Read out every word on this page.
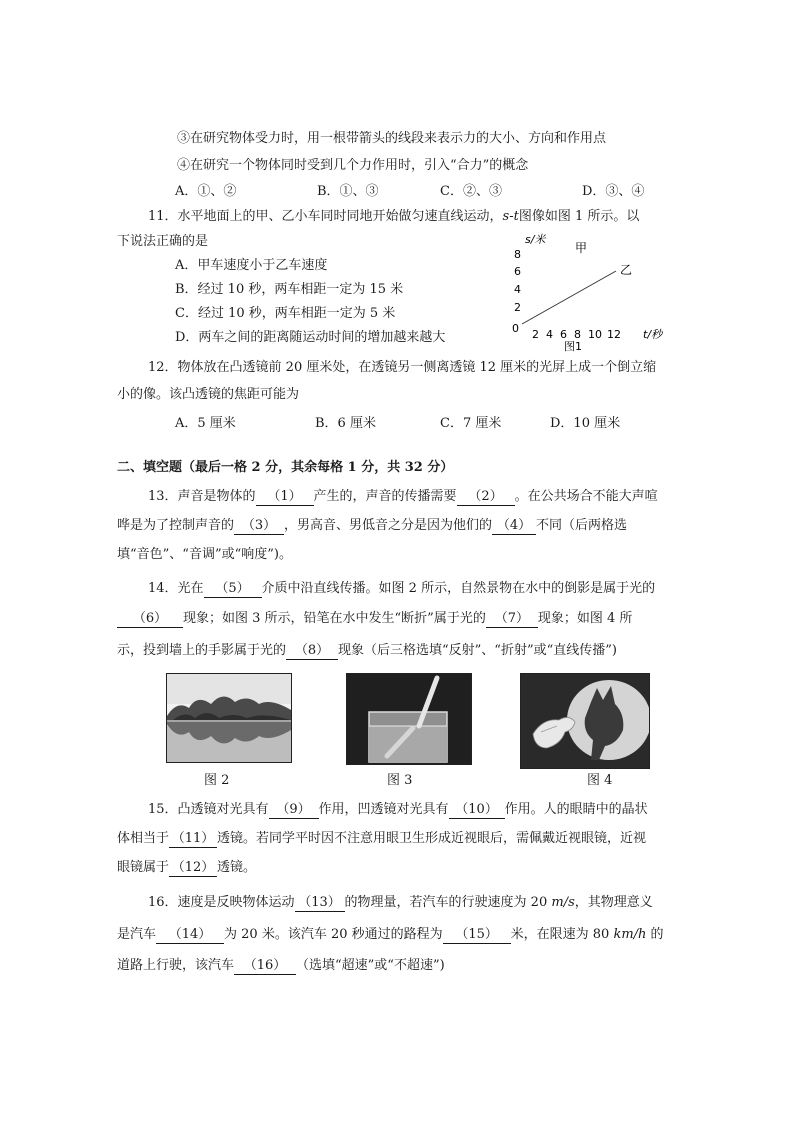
③在研究物体受力时，用一根带箭头的线段来表示力的大小、方向和作用点
④在研究一个物体同时受到几个力作用时，引入“合力”的概念
A．①、②	B．①、③	C．②、③	D．③、④
11．水平地面上的甲、乙小车同时同地开始做匀速直线运动，s-t图像如图 1 所示。以
下说法正确的是
A．甲车速度小于乙车速度
B．经过 10 秒，两车相距一定为 15 米
C．经过 10 秒，两车相距一定为 5 米
D．两车之间的距离随运动时间的增加越来越大
s/米
8
6
4
2
0
甲
乙
2 4 6 8 10 12 t/秒
图1
12．物体放在凸透镜前 20 厘米处，在透镜另一侧离透镜 12 厘米的光屏上成一个倒立缩
小的像。该凸透镜的焦距可能为
A．5 厘米	B．6 厘米	C．7 厘米	D．10 厘米
二、填空题（最后一格 2 分，其余每格 1 分，共 32 分）
13．声音是物体的 （1） 产生的，声音的传播需要 （2） 。在公共场合不能大声喧
哗是为了控制声音的 （3） ，男高音、男低音之分是因为他们的 （4） 不同（后两格选
填“音色”、“音调”或“响度”)。
14．光在 （5） 介质中沿直线传播。如图 2 所示，自然景物在水中的倒影是属于光的
（6） 现象；如图 3 所示，铅笔在水中发生“断折”属于光的 （7） 现象；如图 4 所
示，投到墙上的手影属于光的 （8） 现象（后三格选填“反射”、“折射”或“直线传播”)
图 2	图 3	图 4
15．凸透镜对光具有 （9） 作用，凹透镜对光具有 （10） 作用。人的眼睛中的晶状
体相当于 （11） 透镜。若同学平时因不注意用眼卫生形成近视眼后，需佩戴近视眼镜，近视
眼镜属于 （12） 透镜。
16．速度是反映物体运动 （13） 的物理量，若汽车的行驶速度为 20 m/s，其物理意义
是汽车 （14） 为 20 米。该汽车 20 秒通过的路程为 （15） 米，在限速为 80 km/h 的
道路上行驶，该汽车 （16） （选填“超速”或“不超速”)
